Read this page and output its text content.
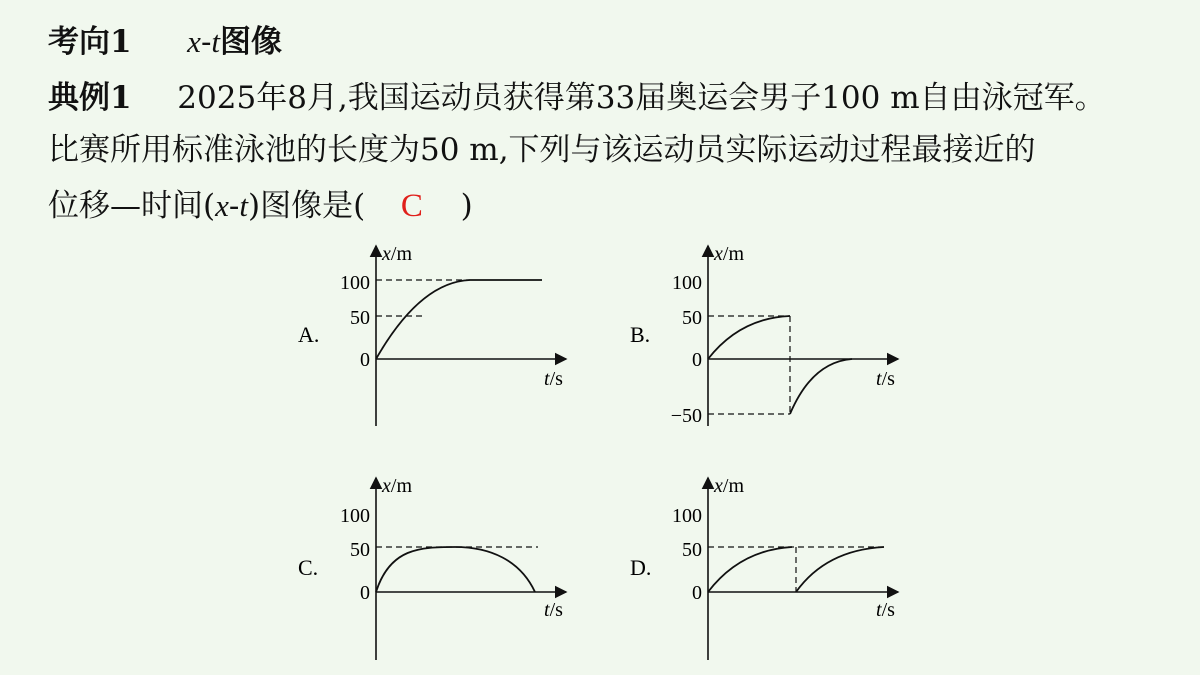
考向1 x-t图像
典例1 2025年8月,我国运动员获得第33届奥运会男子100 m自由泳冠军。
比赛所用标准泳池的长度为50 m,下列与该运动员实际运动过程最接近的
位移—时间(x-t)图像是( C )
A.
x/m
t/s
100
50
0
B.
x/m
t/s
100
50
0
−50
C.
x/m
t/s
100
50
0
D.
x/m
t/s
100
50
0
